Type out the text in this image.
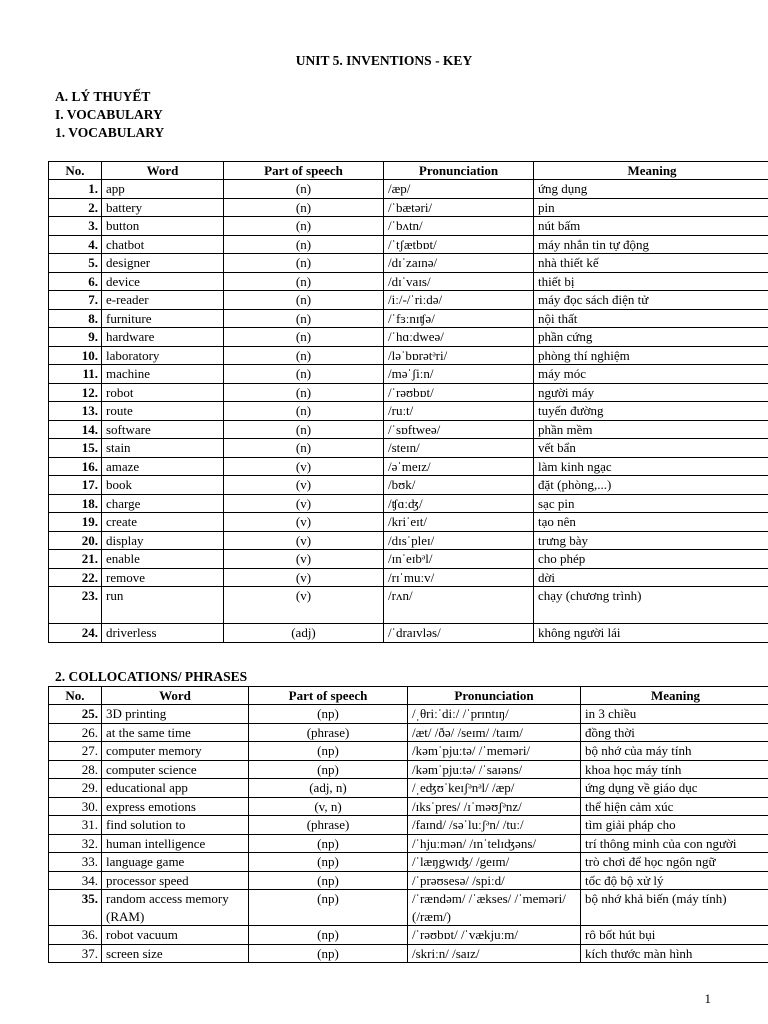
UNIT 5. INVENTIONS - KEY
A. LÝ THUYẾT
I. VOCABULARY
1. VOCABULARY
No.	Word	Part of speech	Pronunciation	Meaning
1.	app	(n)	/æp/	ứng dụng
2.	battery	(n)	/ˈbætəri/	pin
3.	button	(n)	/ˈbʌtn/	nút bấm
4.	chatbot	(n)	/ˈtʃætbɒt/	máy nhắn tin tự động
5.	designer	(n)	/dɪˈzaɪnə/	nhà thiết kế
6.	device	(n)	/dɪˈvaɪs/	thiết bị
7.	e-reader	(n)	/iː/-/ˈriːdə/	máy đọc sách điện tử
8.	furniture	(n)	/ˈfɜːnɪʧə/	nội thất
9.	hardware	(n)	/ˈhɑːdweə/	phần cứng
10.	laboratory	(n)	/ləˈbɒrətᵊri/	phòng thí nghiệm
11.	machine	(n)	/məˈʃiːn/	máy móc
12.	robot	(n)	/ˈrəʊbɒt/	người máy
13.	route	(n)	/ruːt/	tuyến đường
14.	software	(n)	/ˈsɒftweə/	phần mềm
15.	stain	(n)	/steɪn/	vết bẩn
16.	amaze	(v)	/əˈmeɪz/	làm kinh ngạc
17.	book	(v)	/bʊk/	đặt (phòng,...)
18.	charge	(v)	/ʧɑːʤ/	sạc pin
19.	create	(v)	/kriˈeɪt/	tạo nên
20.	display	(v)	/dɪsˈpleɪ/	trưng bày
21.	enable	(v)	/ɪnˈeɪbᵊl/	cho phép
22.	remove	(v)	/rɪˈmuːv/	dời
23.	run	(v)	/rʌn/	chạy (chương trình)
24.	driverless	(adj)	/ˈdraɪvləs/	không người lái
2. COLLOCATIONS/ PHRASES
No.	Word	Part of speech	Pronunciation	Meaning
25.	3D printing	(np)	/ˌθriːˈdiː/ /ˈprɪntɪŋ/	in 3 chiều
26.	at the same time	(phrase)	/æt/ /ðə/ /seɪm/ /taɪm/	đồng thời
27.	computer memory	(np)	/kəmˈpjuːtə/ /ˈmeməri/	bộ nhớ của máy tính
28.	computer science	(np)	/kəmˈpjuːtə/ /ˈsaɪəns/	khoa học máy tính
29.	educational app	(adj, n)	/ˌeʤʊˈkeɪʃᵊnᵊl/ /æp/	ứng dụng về giáo dục
30.	express emotions	(v, n)	/ɪksˈpres/ /ɪˈməʊʃᵊnz/	thể hiện cảm xúc
31.	find solution to	(phrase)	/faɪnd/ /səˈluːʃᵊn/ /tuː/	tìm giải pháp cho
32.	human intelligence	(np)	/ˈhjuːmən/ /ɪnˈtelɪʤəns/	trí thông minh của con người
33.	language game	(np)	/ˈlæŋgwɪʤ/ /geɪm/	trò chơi để học ngôn ngữ
34.	processor speed	(np)	/ˈprəʊsesə/ /spiːd/	tốc độ bộ xử lý
35.	random access memory (RAM)	(np)	/ˈrændəm/ /ˈækses/ /ˈmeməri/ (/ræm/)	bộ nhớ khả biến (máy tính)
36.	robot vacuum	(np)	/ˈrəʊbɒt/ /ˈvækjuːm/	rô bốt hút bụi
37.	screen size	(np)	/skriːn/ /saɪz/	kích thước màn hình
1
